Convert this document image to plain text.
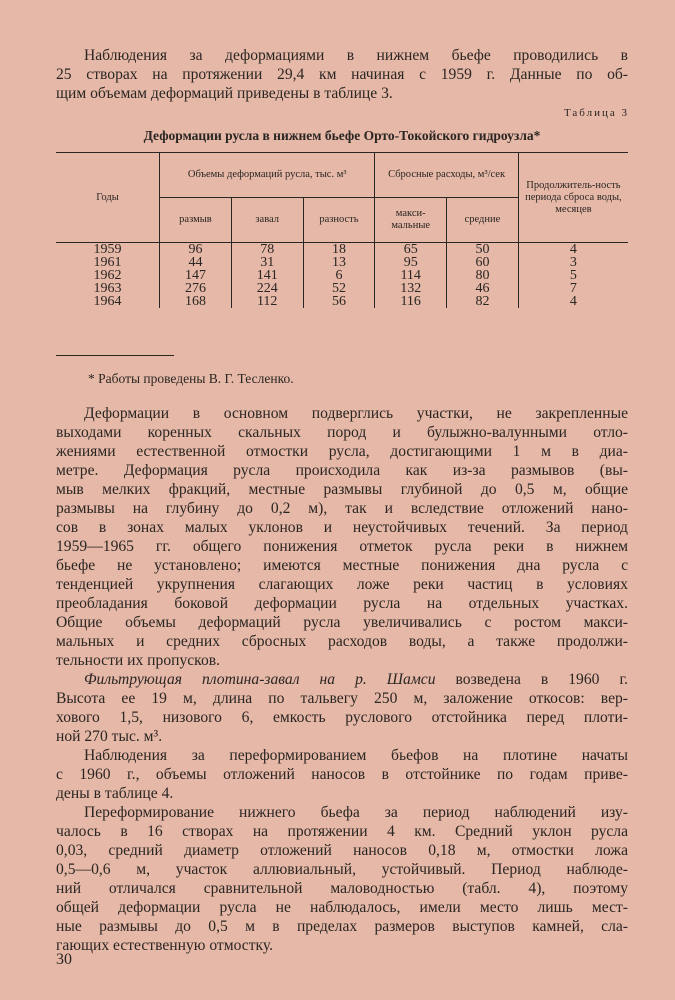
Наблюдения за деформациями в нижнем бьефе проводились в
25 створах на протяжении 29,4 км начиная с 1959 г. Данные по об-
щим объемам деформаций приведены в таблице 3.

Таблица 3
Деформации русла в нижнем бьефе Орто-Токойского гидроузла*
Годы	Объемы деформаций русла, тыс. м³			Сбросные расходы, м³/сек		Продолжитель-ность периода сброса воды, месяцев
	размыв	завал	разность	макси-мальные	средние	
1959	96	78	18	65	50	4
1961	44	31	13	95	60	3
1962	147	141	6	114	80	5
1963	276	224	52	132	46	7
1964	168	112	56	116	82	4
* Работы проведены В. Г. Тесленко.

Деформации в основном подверглись участки, не закрепленные
выходами коренных скальных пород и булыжно-валунными отло-
жениями естественной отмостки русла, достигающими 1 м в диа-
метре. Деформация русла происходила как из-за размывов (вы-
мыв мелких фракций, местные размывы глубиной до 0,5 м, общие
размывы на глубину до 0,2 м), так и вследствие отложений нано-
сов в зонах малых уклонов и неустойчивых течений. За период
1959—1965 гг. общего понижения отметок русла реки в нижнем
бьефе не установлено; имеются местные понижения дна русла с
тенденцией укрупнения слагающих ложе реки частиц в условиях
преобладания боковой деформации русла на отдельных участках.
Общие объемы деформаций русла увеличивались с ростом макси-
мальных и средних сбросных расходов воды, а также продолжи-
тельности их пропусков.

Фильтрующая плотина-завал на р. Шамси возведена в 1960 г.
Высота ее 19 м, длина по тальвегу 250 м, заложение откосов: вер-
хового 1,5, низового 6, емкость руслового отстойника перед плоти-
ной 270 тыс. м³.

Наблюдения за переформированием бьефов на плотине начаты
с 1960 г., объемы отложений наносов в отстойнике по годам приве-
дены в таблице 4.

Переформирование нижнего бьефа за период наблюдений изу-
чалось в 16 створах на протяжении 4 км. Средний уклон русла
0,03, средний диаметр отложений наносов 0,18 м, отмостки ложа
0,5—0,6 м, участок аллювиальный, устойчивый. Период наблюде-
ний отличался сравнительной маловодностью (табл. 4), поэтому
общей деформации русла не наблюдалось, имели место лишь мест-
ные размывы до 0,5 м в пределах размеров выступов камней, сла-
гающих естественную отмостку.

30
